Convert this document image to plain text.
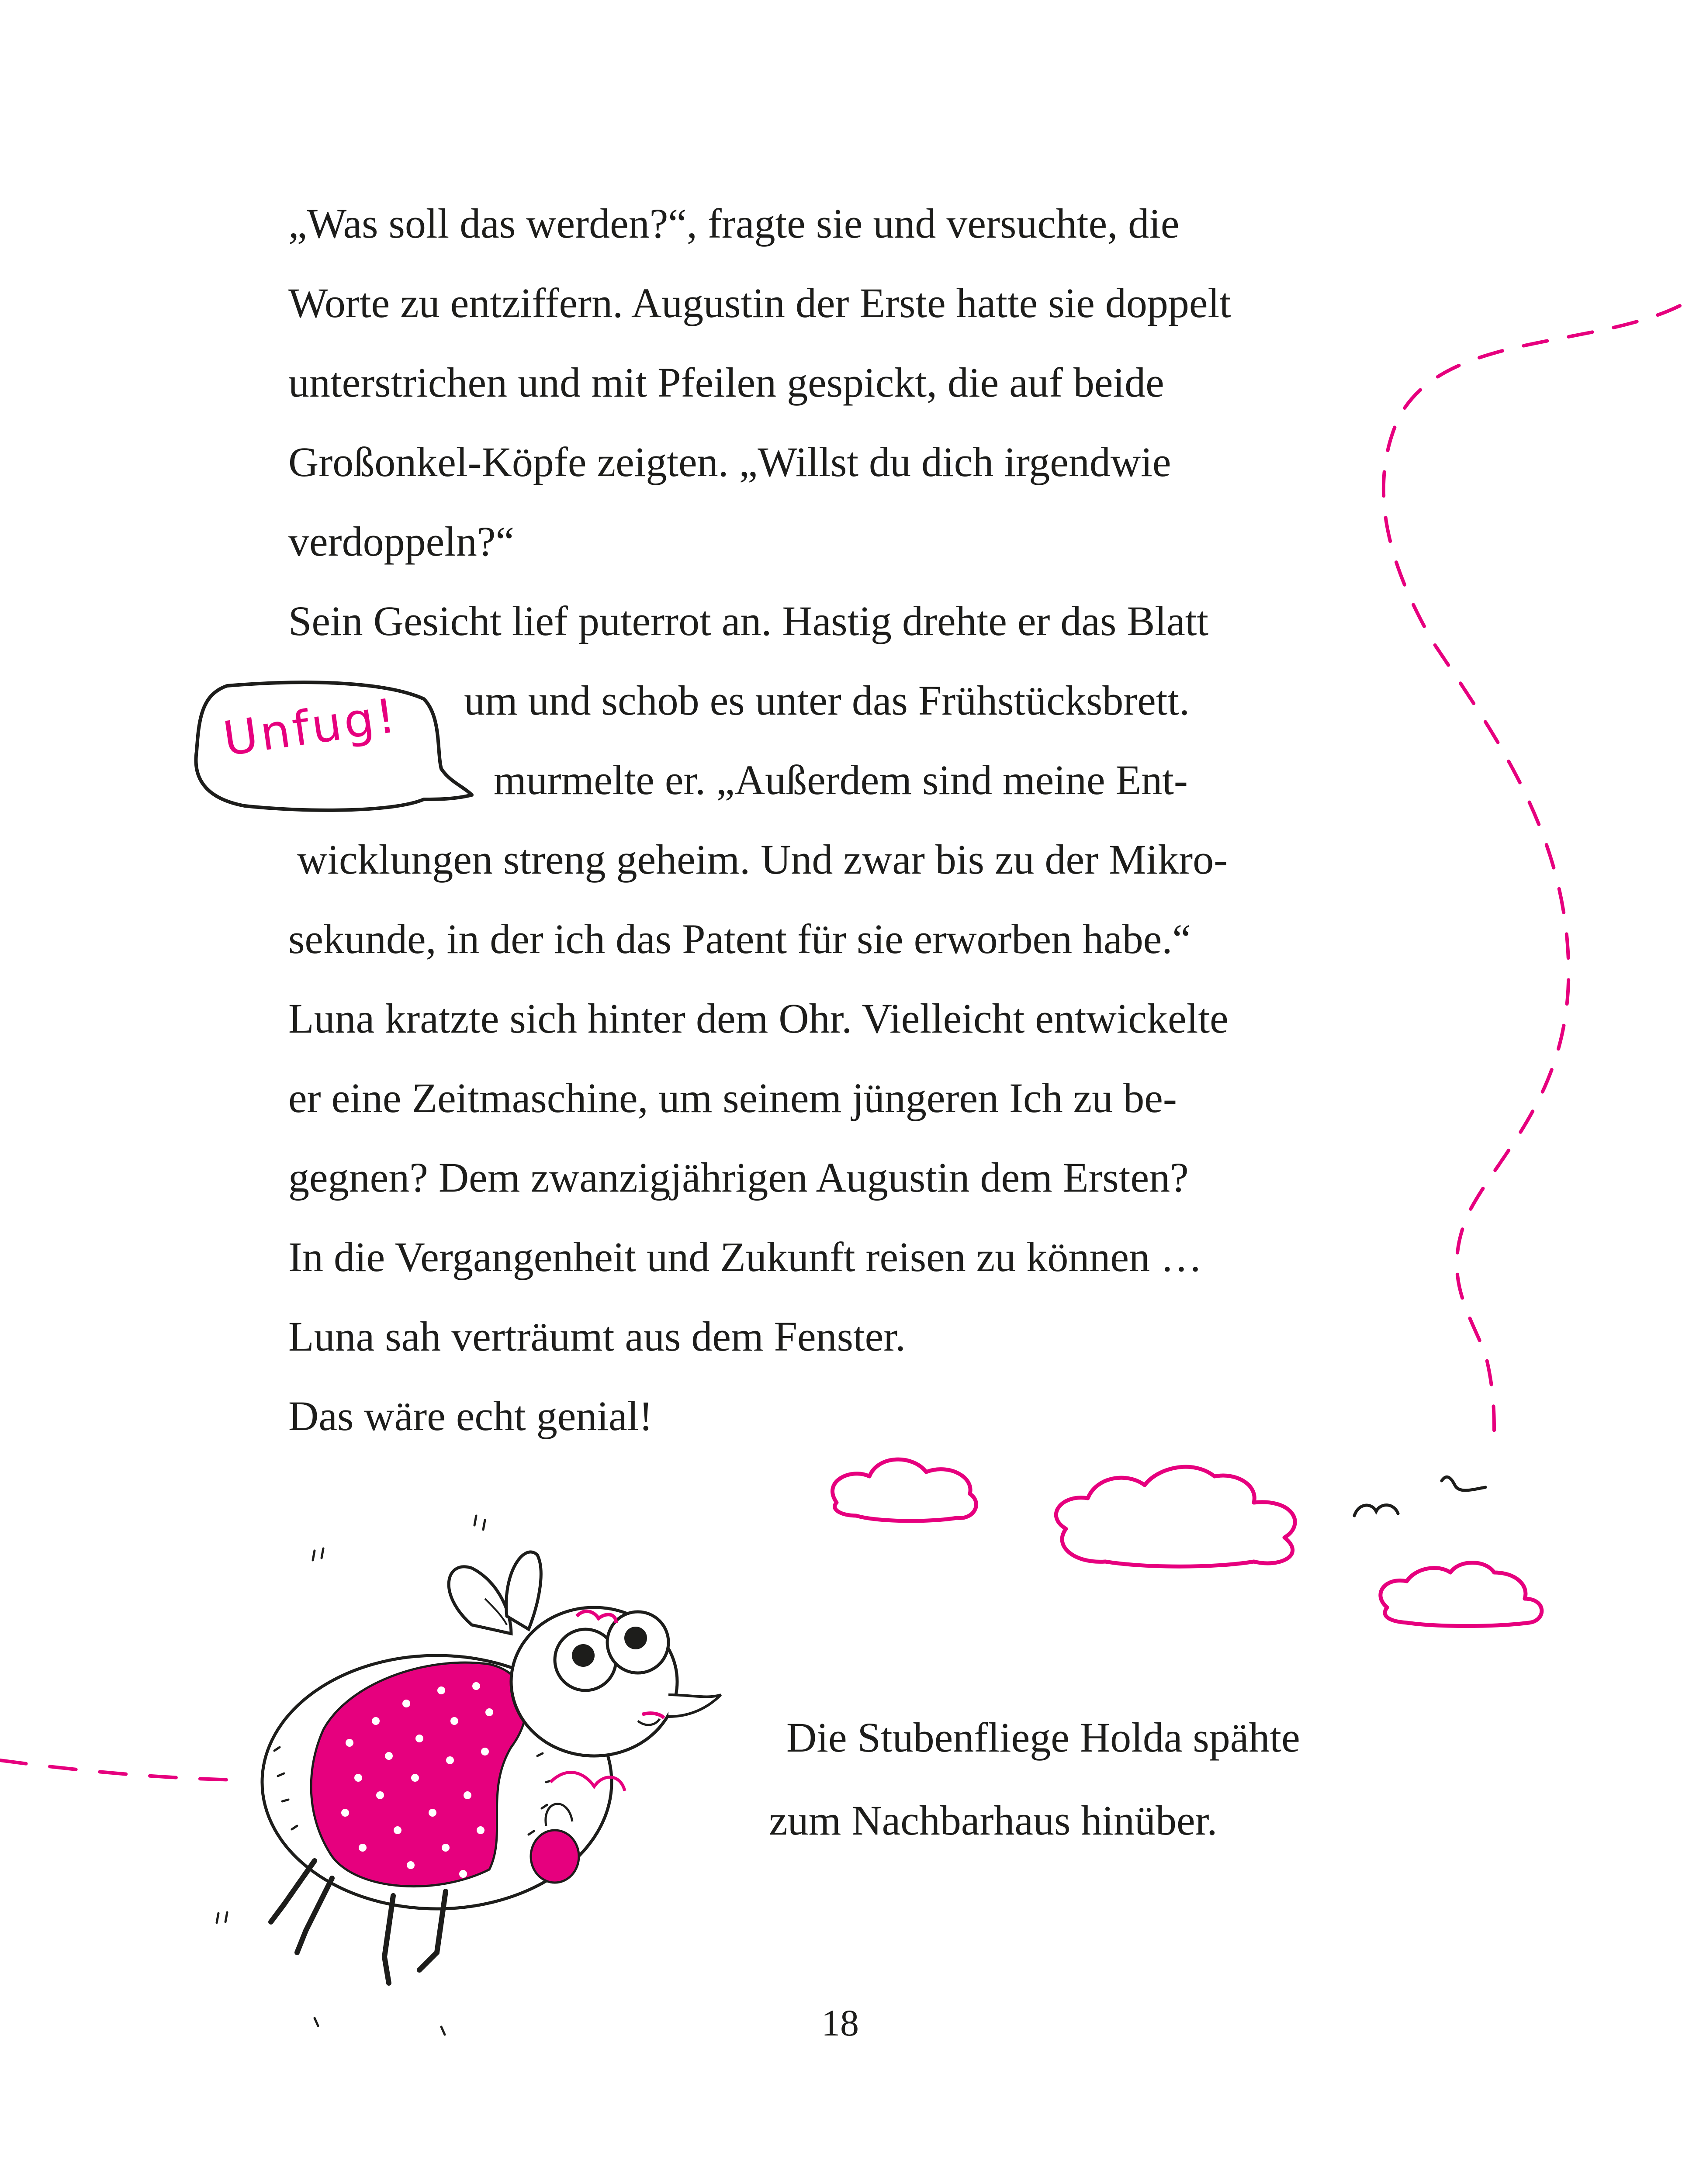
Unfug!
„Was soll das werden?“, fragte sie und versuchte, die
Worte zu entziffern. Augustin der Erste hatte sie doppelt
unterstrichen und mit Pfeilen gespickt, die auf beide
Großonkel-Köpfe zeigten. „Willst du dich irgendwie
verdoppeln?“
Sein Gesicht lief puterrot an. Hastig drehte er das Blatt
um und schob es unter das Frühstücksbrett.
murmelte er. „Außerdem sind meine Ent-
wicklungen streng geheim. Und zwar bis zu der Mikro-
sekunde, in der ich das Patent für sie erworben habe.“
Luna kratzte sich hinter dem Ohr. Vielleicht entwickelte
er eine Zeitmaschine, um seinem jüngeren Ich zu be-
gegnen? Dem zwanzigjährigen Augustin dem Ersten?
In die Vergangenheit und Zukunft reisen zu können …
Luna sah verträumt aus dem Fenster.
Das wäre echt genial!
Die Stubenfliege Holda spähte
zum Nachbarhaus hinüber.
18
